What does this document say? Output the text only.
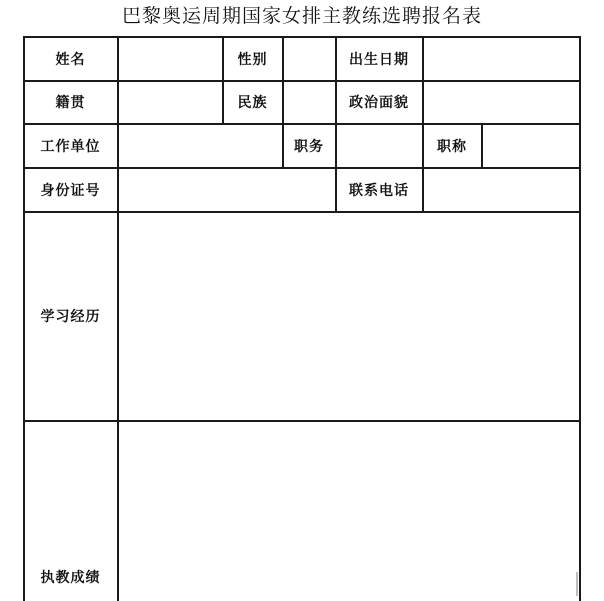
巴黎奥运周期国家女排主教练选聘报名表
姓名	性别	出生日期
籍贯	民族	政治面貌
工作单位	职务	职称
身份证号	联系电话
学习经历
执教成绩
